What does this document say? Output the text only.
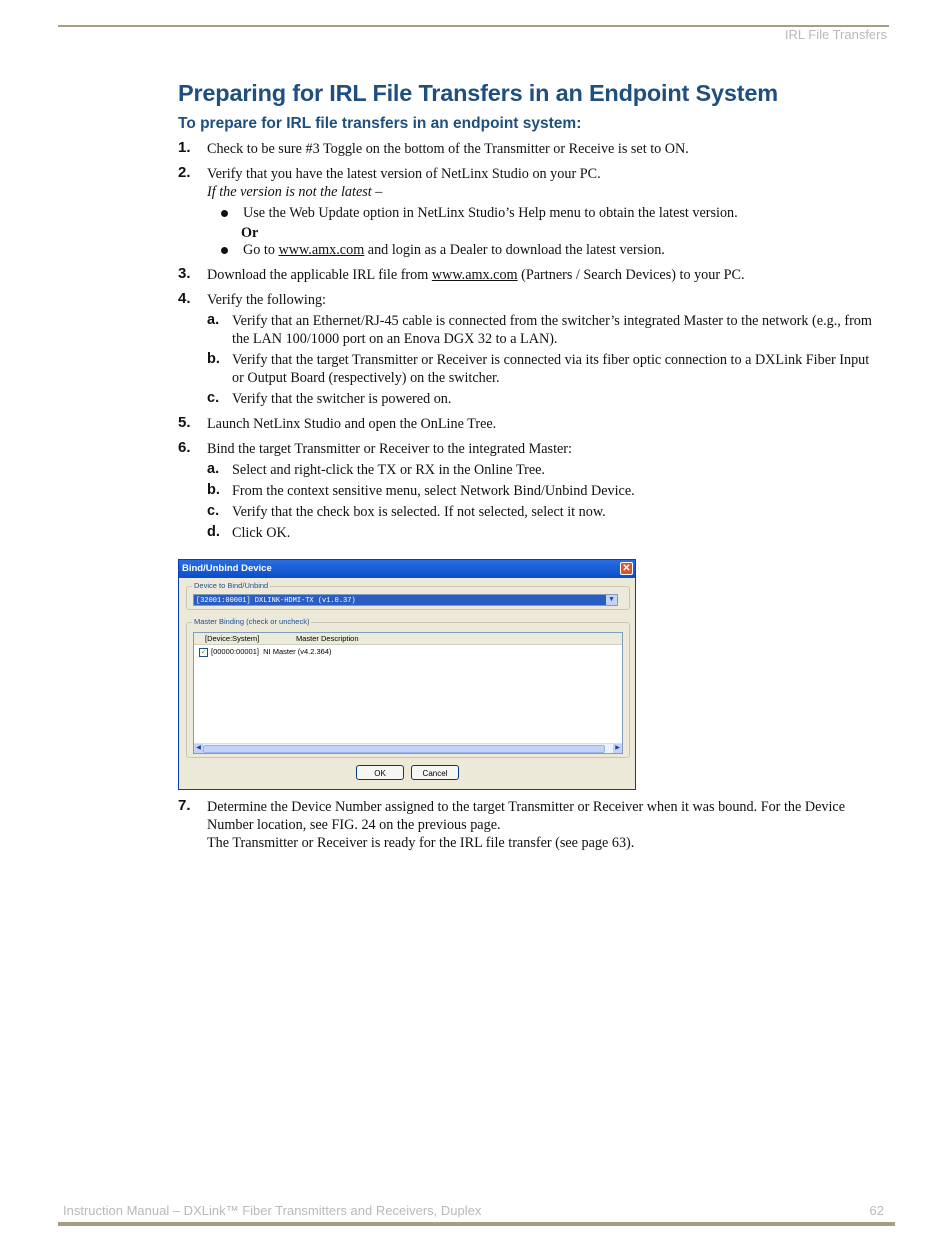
IRL File Transfers
Preparing for IRL File Transfers in an Endpoint System
To prepare for IRL file transfers in an endpoint system:
1. Check to be sure #3 Toggle on the bottom of the Transmitter or Receive is set to ON.
2. Verify that you have the latest version of NetLinx Studio on your PC.
If the version is not the latest –
Use the Web Update option in NetLinx Studio’s Help menu to obtain the latest version.
Or
Go to www.amx.com and login as a Dealer to download the latest version.
3. Download the applicable IRL file from www.amx.com (Partners / Search Devices) to your PC.
4. Verify the following:
a. Verify that an Ethernet/RJ-45 cable is connected from the switcher’s integrated Master to the network (e.g., from the LAN 100/1000 port on an Enova DGX 32 to a LAN).
b. Verify that the target Transmitter or Receiver is connected via its fiber optic connection to a DXLink Fiber Input or Output Board (respectively) on the switcher.
c. Verify that the switcher is powered on.
5. Launch NetLinx Studio and open the OnLine Tree.
6. Bind the target Transmitter or Receiver to the integrated Master:
a. Select and right-click the TX or RX in the Online Tree.
b. From the context sensitive menu, select Network Bind/Unbind Device.
c. Verify that the check box is selected. If not selected, select it now.
d. Click OK.
Bind/Unbind Device	✕
Device to Bind/Unbind
[32001:00001] DXLINK-HDMI-TX (v1.0.37)	▼
Master Binding (check or uncheck)
[Device:System]	Master Description
✓ [00000:00001] NI Master (v4.2.364)
◀	▶
OK	Cancel
7. Determine the Device Number assigned to the target Transmitter or Receiver when it was bound. For the Device Number location, see FIG. 24 on the previous page.
The Transmitter or Receiver is ready for the IRL file transfer (see page 63).
Instruction Manual – DXLink™ Fiber Transmitters and Receivers, Duplex	62
